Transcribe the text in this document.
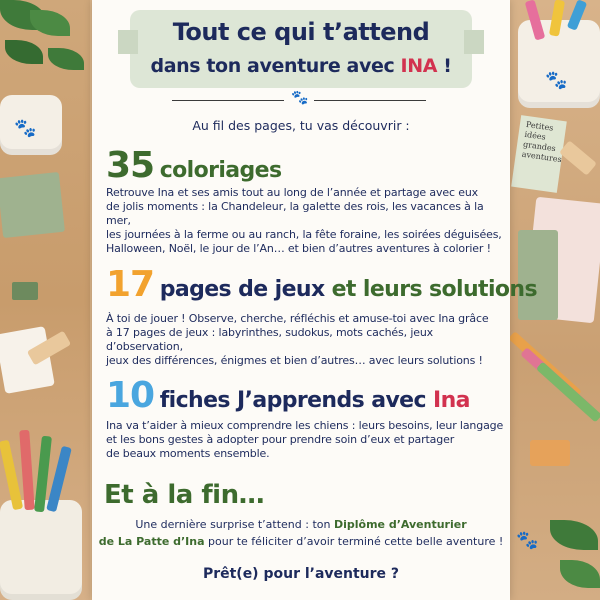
🐾
🐾
Petites
idées
grandes
aventures
🐾
Tout ce qui t’attend
dans ton aventure avec INA !
🐾
Au fil des pages, tu vas découvrir :
35 coloriages
Retrouve Ina et ses amis tout au long de l’année et partage avec eux
de jolis moments : la Chandeleur, la galette des rois, les vacances à la mer,
les journées à la ferme ou au ranch, la fête foraine, les soirées déguisées,
Halloween, Noël, le jour de l’An… et bien d’autres aventures à colorier !
17 pages de jeux et leurs solutions
À toi de jouer ! Observe, cherche, réfléchis et amuse-toi avec Ina grâce
à 17 pages de jeux : labyrinthes, sudokus, mots cachés, jeux d’observation,
jeux des différences, énigmes et bien d’autres… avec leurs solutions !
10 fiches J’apprends avec Ina
Ina va t’aider à mieux comprendre les chiens : leurs besoins, leur langage
et les bons gestes à adopter pour prendre soin d’eux et partager
de beaux moments ensemble.
Et à la fin…
Une dernière surprise t’attend : ton Diplôme d’Aventurier
de La Patte d’Ina pour te féliciter d’avoir terminé cette belle aventure !
Prêt(e) pour l’aventure ?
